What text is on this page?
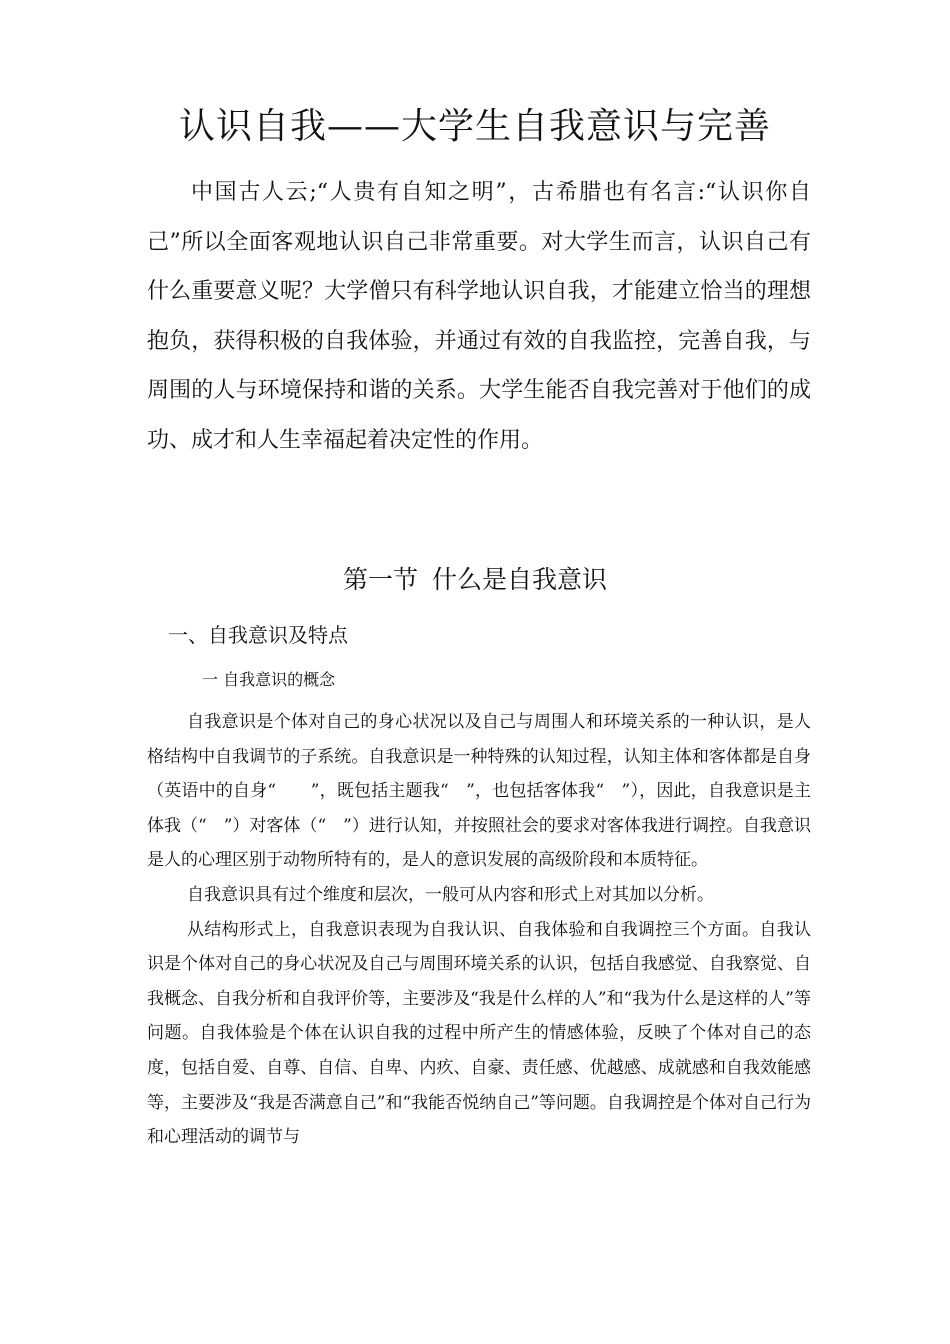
认识自我——大学生自我意识与完善

中国古人云;“人贵有自知之明”，古希腊也有名言:“认识你自己”所以全面客观地认识自己非常重要。对大学生而言，认识自己有什么重要意义呢？大学僧只有科学地认识自我，才能建立恰当的理想抱负，获得积极的自我体验，并通过有效的自我监控，完善自我，与周围的人与环境保持和谐的关系。大学生能否自我完善对于他们的成功、成才和人生幸福起着决定性的作用。

第一节 什么是自我意识
一、自我意识及特点
一 自我意识的概念

自我意识是个体对自己的身心状况以及自己与周围人和环境关系的一种认识，是人格结构中自我调节的子系统。自我意识是一种特殊的认知过程，认知主体和客体都是自身（英语中的自身“　　”，既包括主题我“　”，也包括客体我“　”），因此，自我意识是主体我（“　”）对客体（“　”）进行认知，并按照社会的要求对客体我进行调控。自我意识是人的心理区别于动物所特有的，是人的意识发展的高级阶段和本质特征。

自我意识具有过个维度和层次，一般可从内容和形式上对其加以分析。

从结构形式上，自我意识表现为自我认识、自我体验和自我调控三个方面。自我认识是个体对自己的身心状况及自己与周围环境关系的认识，包括自我感觉、自我察觉、自我概念、自我分析和自我评价等，主要涉及“我是什么样的人”和“我为什么是这样的人”等问题。自我体验是个体在认识自我的过程中所产生的情感体验，反映了个体对自己的态度，包括自爱、自尊、自信、自卑、内疚、自豪、责任感、优越感、成就感和自我效能感等，主要涉及“我是否满意自己”和“我能否悦纳自己”等问题。自我调控是个体对自己行为和心理活动的调节与
